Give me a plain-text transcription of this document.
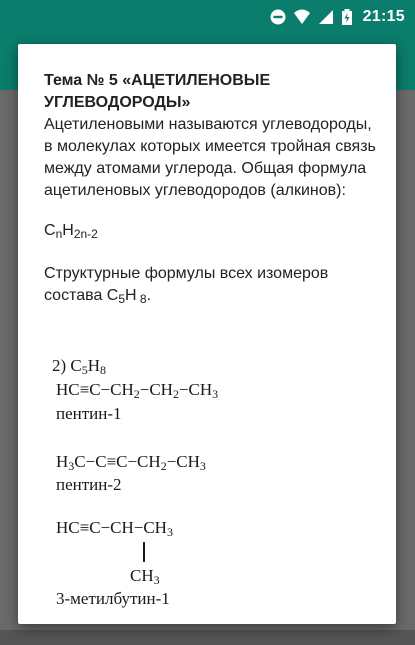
21:15

Тема № 5 «АЦЕТИЛЕНОВЫЕ УГЛЕВОДОРОДЫ»

Ацетиленовыми называются углеводороды, в молекулах которых имеется тройная связь между атомами углерода. Общая формула ацетиленовых углеводородов (алкинов):

$C_nH_{2n-2}$

Структурные формулы всех изомеров состава $C_5H$ $_8$.

2) $C_5H_8$
$HC\equiv C-CH_2-CH_2-CH_3$
пентин-1
$H_3C-C\equiv C-CH_2-CH_3$
пентин-2
$HC\equiv C-CH-CH_3$
$CH_3$
3-метилбутин-1
